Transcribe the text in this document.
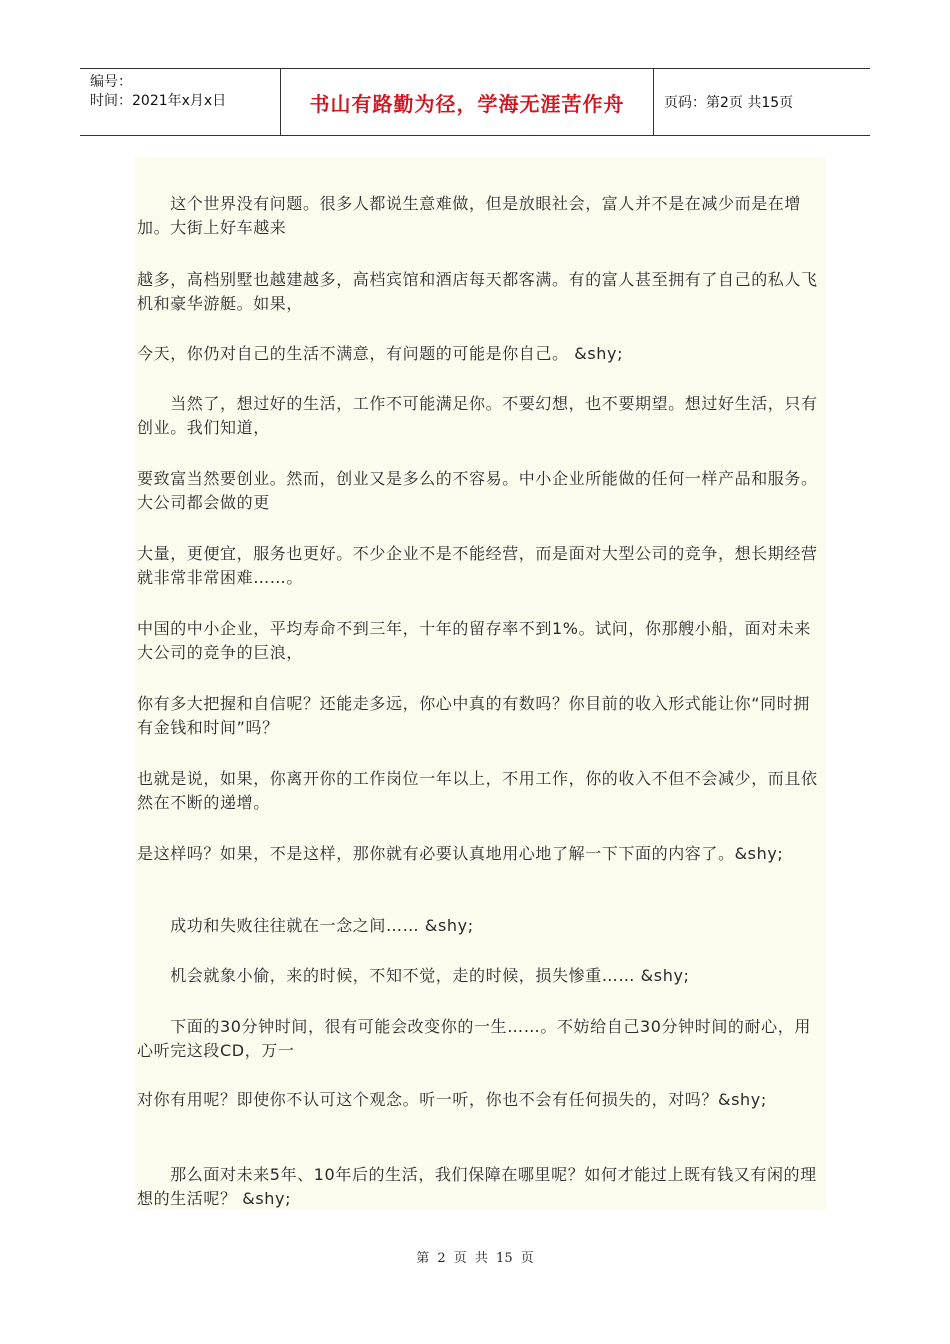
编号：
时间：2021年x月x日	书山有路勤为径，学海无涯苦作舟	页码：第2页 共15页

　　这个世界没有问题。很多人都说生意难做，但是放眼社会，富人并不是在减少而是在增加。大街上好车越来

越多，高档别墅也越建越多，高档宾馆和酒店每天都客满。有的富人甚至拥有了自己的私人飞机和豪华游艇。如果，

今天，你仍对自己的生活不满意，有问题的可能是你自己。 &shy;

　　当然了，想过好的生活，工作不可能满足你。不要幻想，也不要期望。想过好生活，只有创业。我们知道，

要致富当然要创业。然而，创业又是多么的不容易。中小企业所能做的任何一样产品和服务。大公司都会做的更

大量，更便宜，服务也更好。不少企业不是不能经营，而是面对大型公司的竞争，想长期经营就非常非常困难……。

中国的中小企业，平均寿命不到三年，十年的留存率不到1%。试问，你那艘小船，面对未来大公司的竞争的巨浪，

你有多大把握和自信呢？还能走多远，你心中真的有数吗？你目前的收入形式能让你“同时拥有金钱和时间”吗？

也就是说，如果，你离开你的工作岗位一年以上，不用工作，你的收入不但不会减少，而且依然在不断的递增。

是这样吗？如果，不是这样，那你就有必要认真地用心地了解一下下面的内容了。&shy;

　　成功和失败往往就在一念之间…… &shy;

　　机会就象小偷，来的时候，不知不觉，走的时候，损失惨重…… &shy;

　　下面的30分钟时间，很有可能会改变你的一生……。不妨给自己30分钟时间的耐心，用心听完这段CD，万一

对你有用呢？即使你不认可这个观念。听一听，你也不会有任何损失的，对吗？&shy;

　　那么面对未来5年、10年后的生活，我们保障在哪里呢？如何才能过上既有钱又有闲的理想的生活呢？ &shy;

第 2 页 共 15 页
